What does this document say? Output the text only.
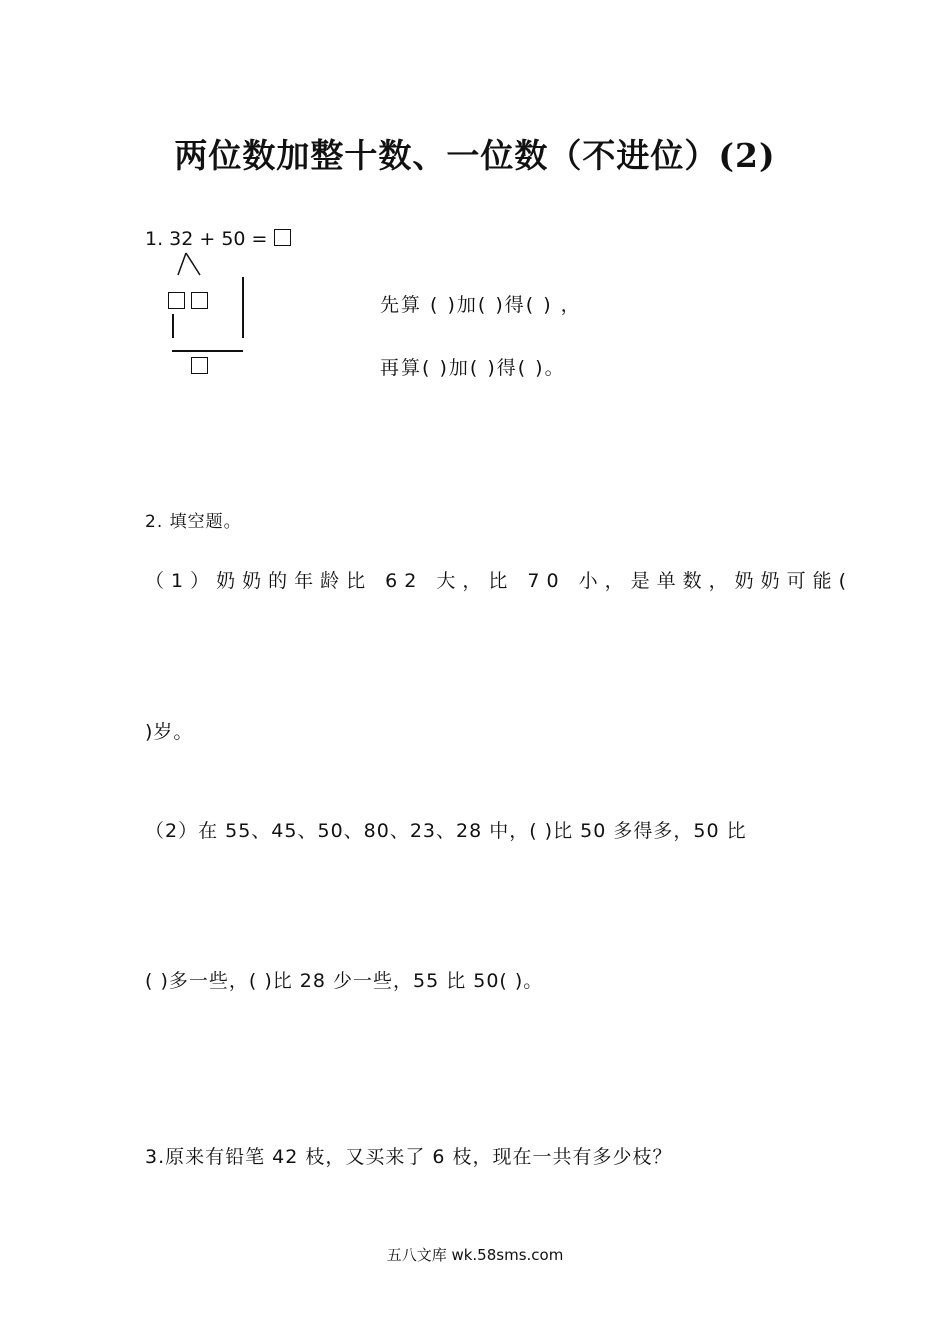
两位数加整十数、一位数（不进位）(2)
1. 32 + 50 =
先算 ( )加( )得( ) ，
再算( )加( )得( )。
2. 填空题。
（1）奶奶的年龄比 62 大，比 70 小，是单数，奶奶可能(
)岁。
（2）在 55、45、50、80、23、28 中，( )比 50 多得多，50 比
( )多一些，( )比 28 少一些，55 比 50( )。
3.原来有铅笔 42 枝，又买来了 6 枝，现在一共有多少枝？
五八文库 wk.58sms.com
